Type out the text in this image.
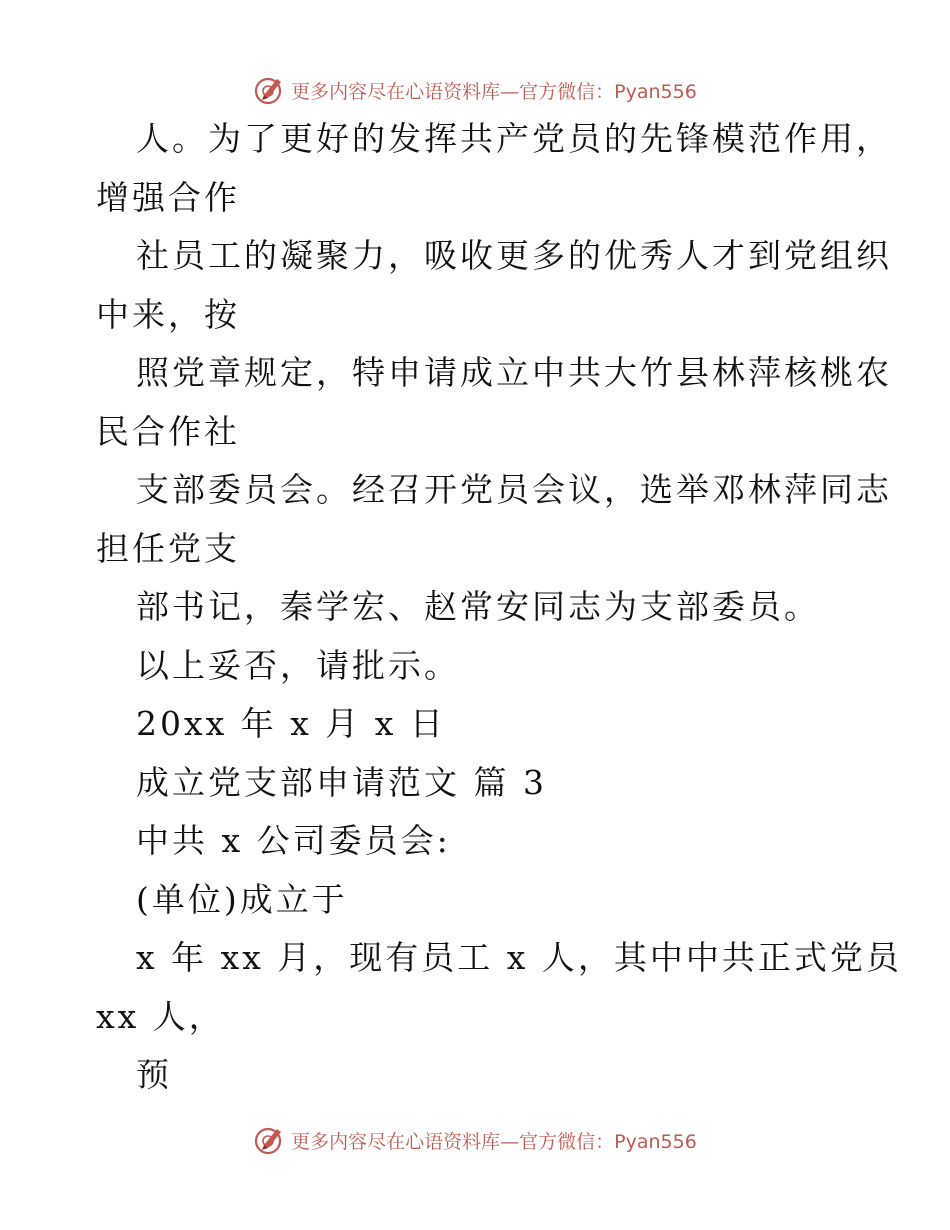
更多内容尽在心语资料库—官方微信：Pyan556
人。为了更好的发挥共产党员的先锋模范作用，
增强合作
社员工的凝聚力，吸收更多的优秀人才到党组织
中来，按
照党章规定，特申请成立中共大竹县林萍核桃农
民合作社
支部委员会。经召开党员会议，选举邓林萍同志
担任党支
部书记，秦学宏、赵常安同志为支部委员。
以上妥否，请批示。
20xx 年 x 月 x 日
成立党支部申请范文 篇 3
中共 x 公司委员会:
(单位)成立于
x 年 xx 月，现有员工 x 人，其中中共正式党员
xx 人，
预
更多内容尽在心语资料库—官方微信：Pyan556
